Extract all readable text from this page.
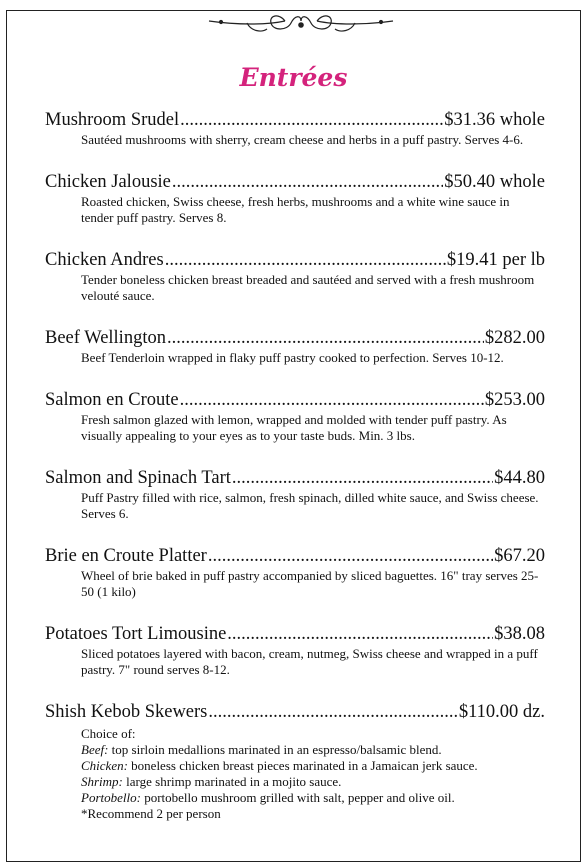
Entrées
Mushroom Srudel .....	$31.36 whole

Sautéed mushrooms with sherry, cream cheese and herbs in a puff pastry. Serves 4-6.

Chicken Jalousie .....	$50.40 whole

Roasted chicken, Swiss cheese, fresh herbs, mushrooms and a white wine sauce in tender puff pastry. Serves 8.

Chicken Andres .....	$19.41 per lb

Tender boneless chicken breast breaded and sautéed and served with a fresh mushroom velouté sauce.

Beef Wellington .....	$282.00

Beef Tenderloin wrapped in flaky puff pastry cooked to perfection. Serves 10-12.

Salmon en Croute .....	$253.00

Fresh salmon glazed with lemon, wrapped and molded with tender puff pastry. As visually appealing to your eyes as to your taste buds. Min. 3 lbs.

Salmon and Spinach Tart .....	$44.80

Puff Pastry filled with rice, salmon, fresh spinach, dilled white sauce, and Swiss cheese. Serves 6.

Brie en Croute Platter .....	$67.20

Wheel of brie baked in puff pastry accompanied by sliced baguettes. 16" tray serves 25-50 (1 kilo)

Potatoes Tort Limousine .....	$38.08

Sliced potatoes layered with bacon, cream, nutmeg, Swiss cheese and wrapped in a puff pastry. 7" round serves 8-12.

Shish Kebob Skewers .....	$110.00 dz.

Choice of:

Beef: top sirloin medallions marinated in an espresso/balsamic blend.

Chicken: boneless chicken breast pieces marinated in a Jamaican jerk sauce.

Shrimp: large shrimp marinated in a mojito sauce.

Portobello: portobello mushroom grilled with salt, pepper and olive oil.

*Recommend 2 per person
